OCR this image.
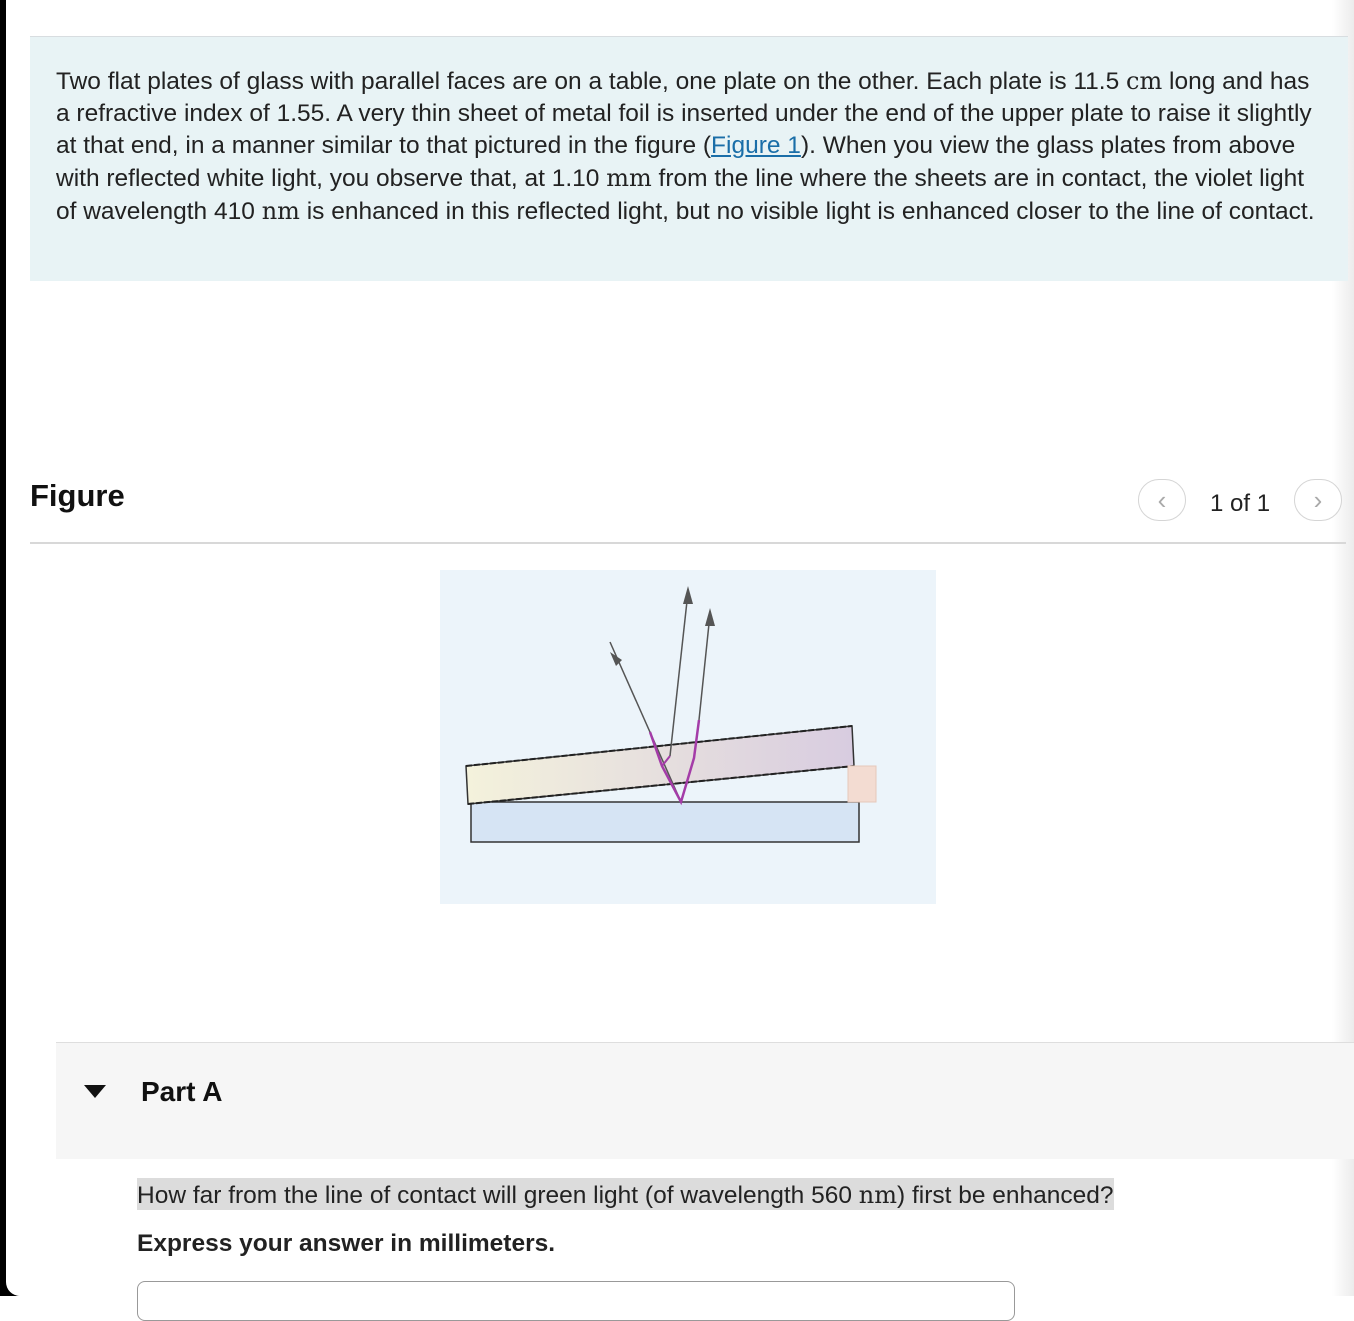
Two flat plates of glass with parallel faces are on a table, one plate on the other. Each plate is 11.5 cm long and has a refractive index of 1.55. A very thin sheet of metal foil is inserted under the end of the upper plate to raise it slightly at that end, in a manner similar to that pictured in the figure (Figure 1). When you view the glass plates from above with reflected white light, you observe that, at 1.10 mm from the line where the sheets are in contact, the violet light of wavelength 410 nm is enhanced in this reflected light, but no visible light is enhanced closer to the line of contact.

Figure	‹	1 of 1	›
Part A
How far from the line of contact will green light (of wavelength 560 nm) first be enhanced?
Express your answer in millimeters.
